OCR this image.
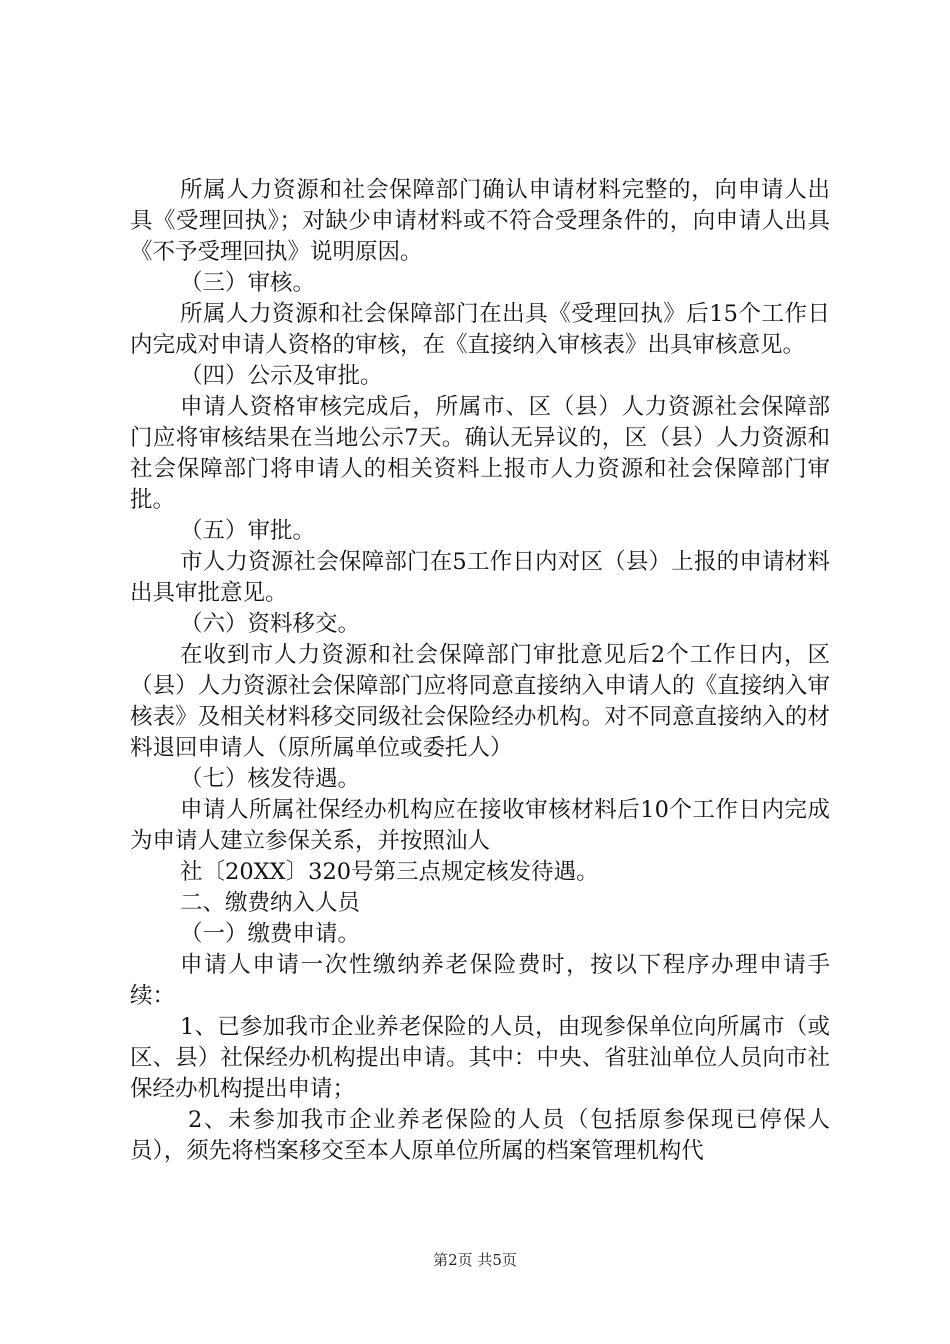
所属人力资源和社会保障部门确认申请材料完整的，向申请人出具《受理回执》；对缺少申请材料或不符合受理条件的，向申请人出具《不予受理回执》说明原因。

（三）审核。

所属人力资源和社会保障部门在出具《受理回执》后15个工作日内完成对申请人资格的审核，在《直接纳入审核表》出具审核意见。

（四）公示及审批。

申请人资格审核完成后，所属市、区（县）人力资源社会保障部门应将审核结果在当地公示7天。确认无异议的，区（县）人力资源和社会保障部门将申请人的相关资料上报市人力资源和社会保障部门审批。

（五）审批。

市人力资源社会保障部门在5工作日内对区（县）上报的申请材料出具审批意见。

（六）资料移交。

在收到市人力资源和社会保障部门审批意见后2个工作日内，区（县）人力资源社会保障部门应将同意直接纳入申请人的《直接纳入审核表》及相关材料移交同级社会保险经办机构。对不同意直接纳入的材料退回申请人（原所属单位或委托人）

（七）核发待遇。

申请人所属社保经办机构应在接收审核材料后10个工作日内完成为申请人建立参保关系，并按照汕人

社〔20XX〕320号第三点规定核发待遇。

二、缴费纳入人员

（一）缴费申请。

申请人申请一次性缴纳养老保险费时，按以下程序办理申请手续：

1、已参加我市企业养老保险的人员，由现参保单位向所属市（或区、县）社保经办机构提出申请。其中：中央、省驻汕单位人员向市社保经办机构提出申请；

2、未参加我市企业养老保险的人员（包括原参保现已停保人员），须先将档案移交至本人原单位所属的档案管理机构代

第2页 共5页
